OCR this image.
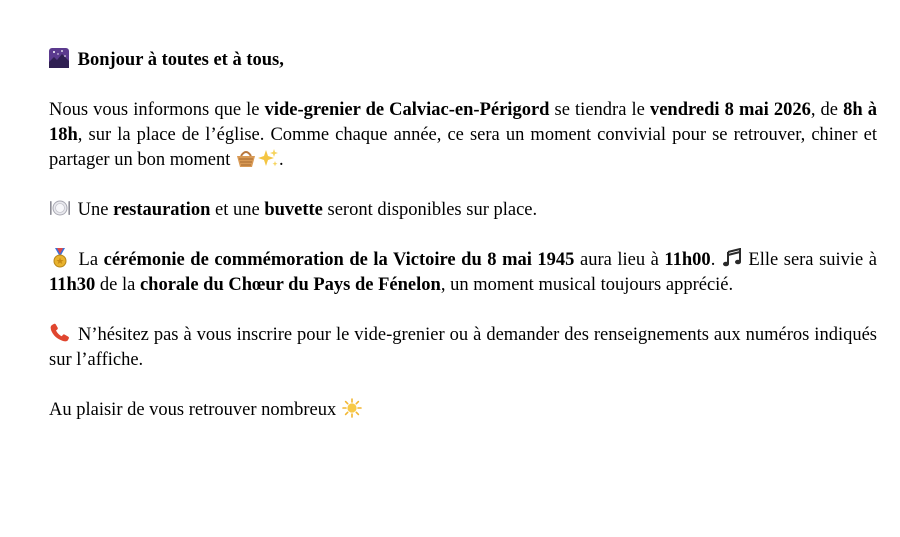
Bonjour à toutes et à tous,

Nous vous informons que le vide-grenier de Calviac-en-Périgord se tiendra le vendredi 8 mai 2026, de 8h à 18h, sur la place de l’église. Comme chaque année, ce sera un moment convivial pour se retrouver, chiner et partager un bon moment .

Une restauration et une buvette seront disponibles sur place.

La cérémonie de commémoration de la Victoire du 8 mai 1945 aura lieu à 11h00.  Elle sera suivie à 11h30 de la chorale du Chœur du Pays de Fénelon, un moment musical toujours apprécié.

N’hésitez pas à vous inscrire pour le vide-grenier ou à demander des renseignements aux numéros indiqués sur l’affiche.

Au plaisir de vous retrouver nombreux
